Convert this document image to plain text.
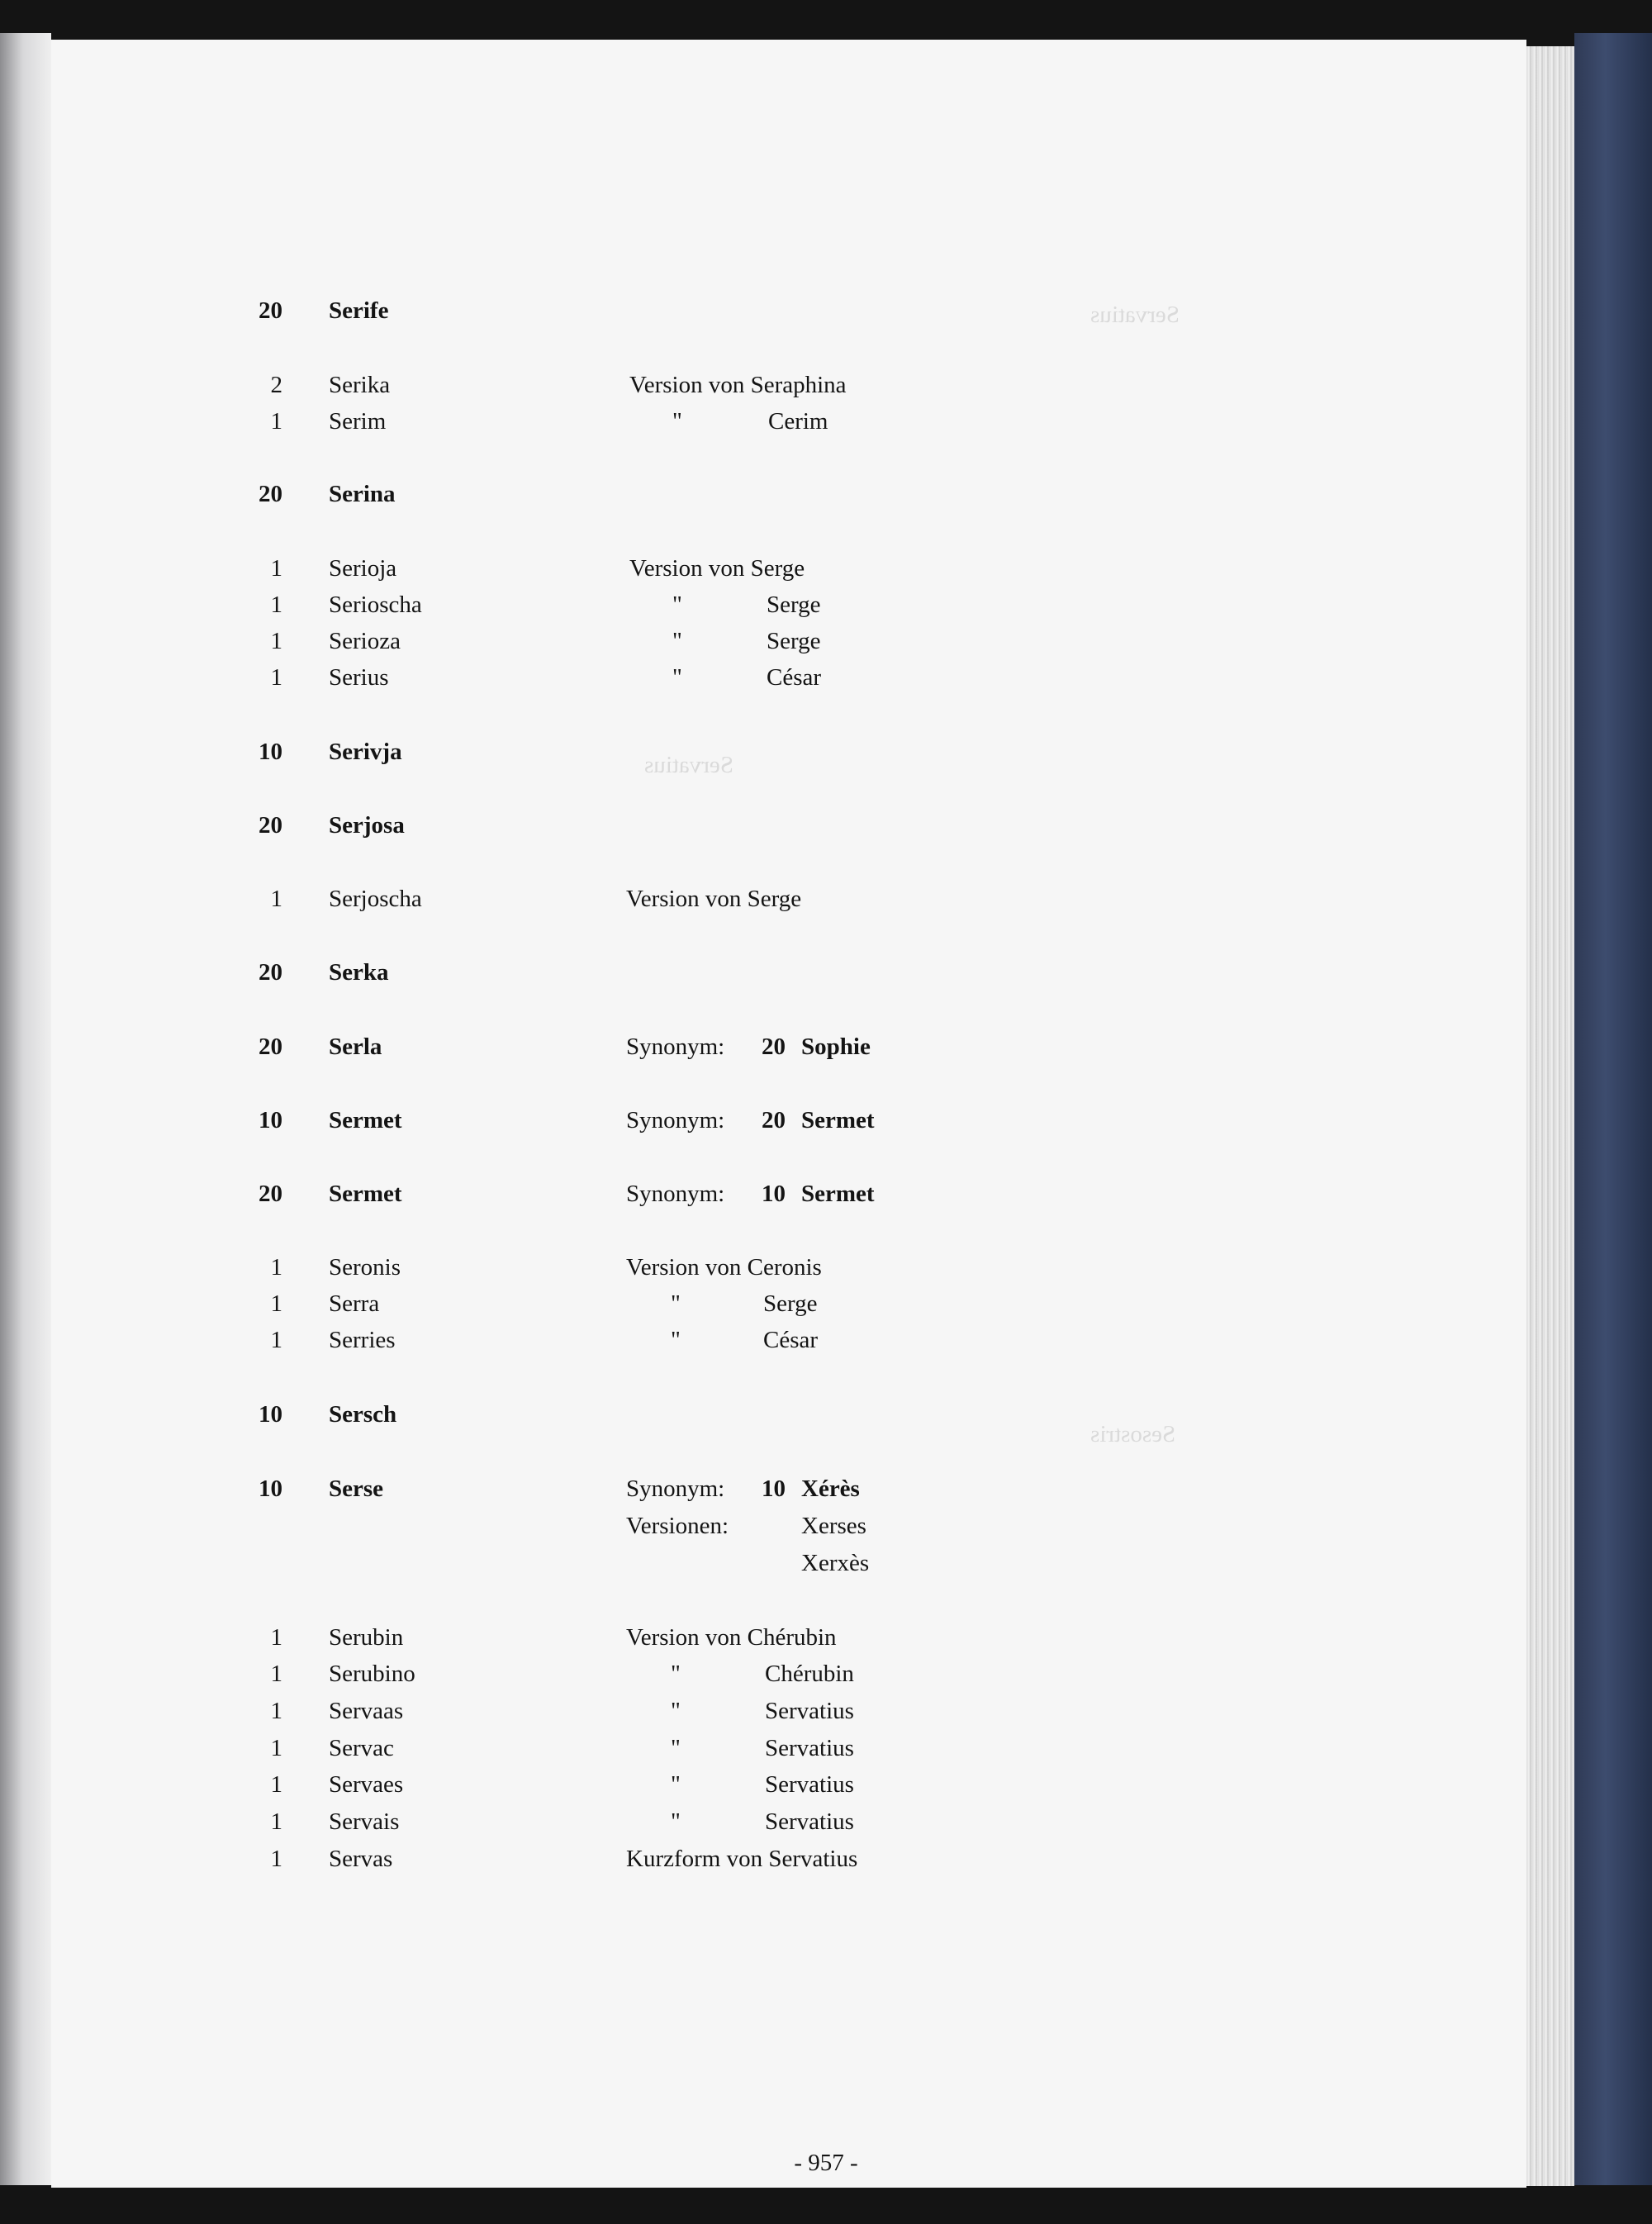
Servatius
Servatius
Sesostris
20 Serife
2 Serika	Version von Seraphina
1 Serim	"	Cerim
20 Serina
1 Serioja	Version von Serge
1 Serioscha	"	Serge
1 Serioza	"	Serge
1 Serius	"	César
10 Serivja
20 Serjosa
1 Serjoscha	Version von Serge
20 Serka
20 Serla	Synonym: 20 Sophie
10 Sermet	Synonym: 20 Sermet
20 Sermet	Synonym: 10 Sermet
1 Seronis	Version von Ceronis
1 Serra	"	Serge
1 Serries	"	César
10 Sersch
10 Serse	Synonym: 10 Xérès
Versionen:	Xerses
Xerxès
1 Serubin	Version von Chérubin
1 Serubino	"	Chérubin
1 Servaas	"	Servatius
1 Servac	"	Servatius
1 Servaes	"	Servatius
1 Servais	"	Servatius
1 Servas	Kurzform von Servatius
- 957 -
